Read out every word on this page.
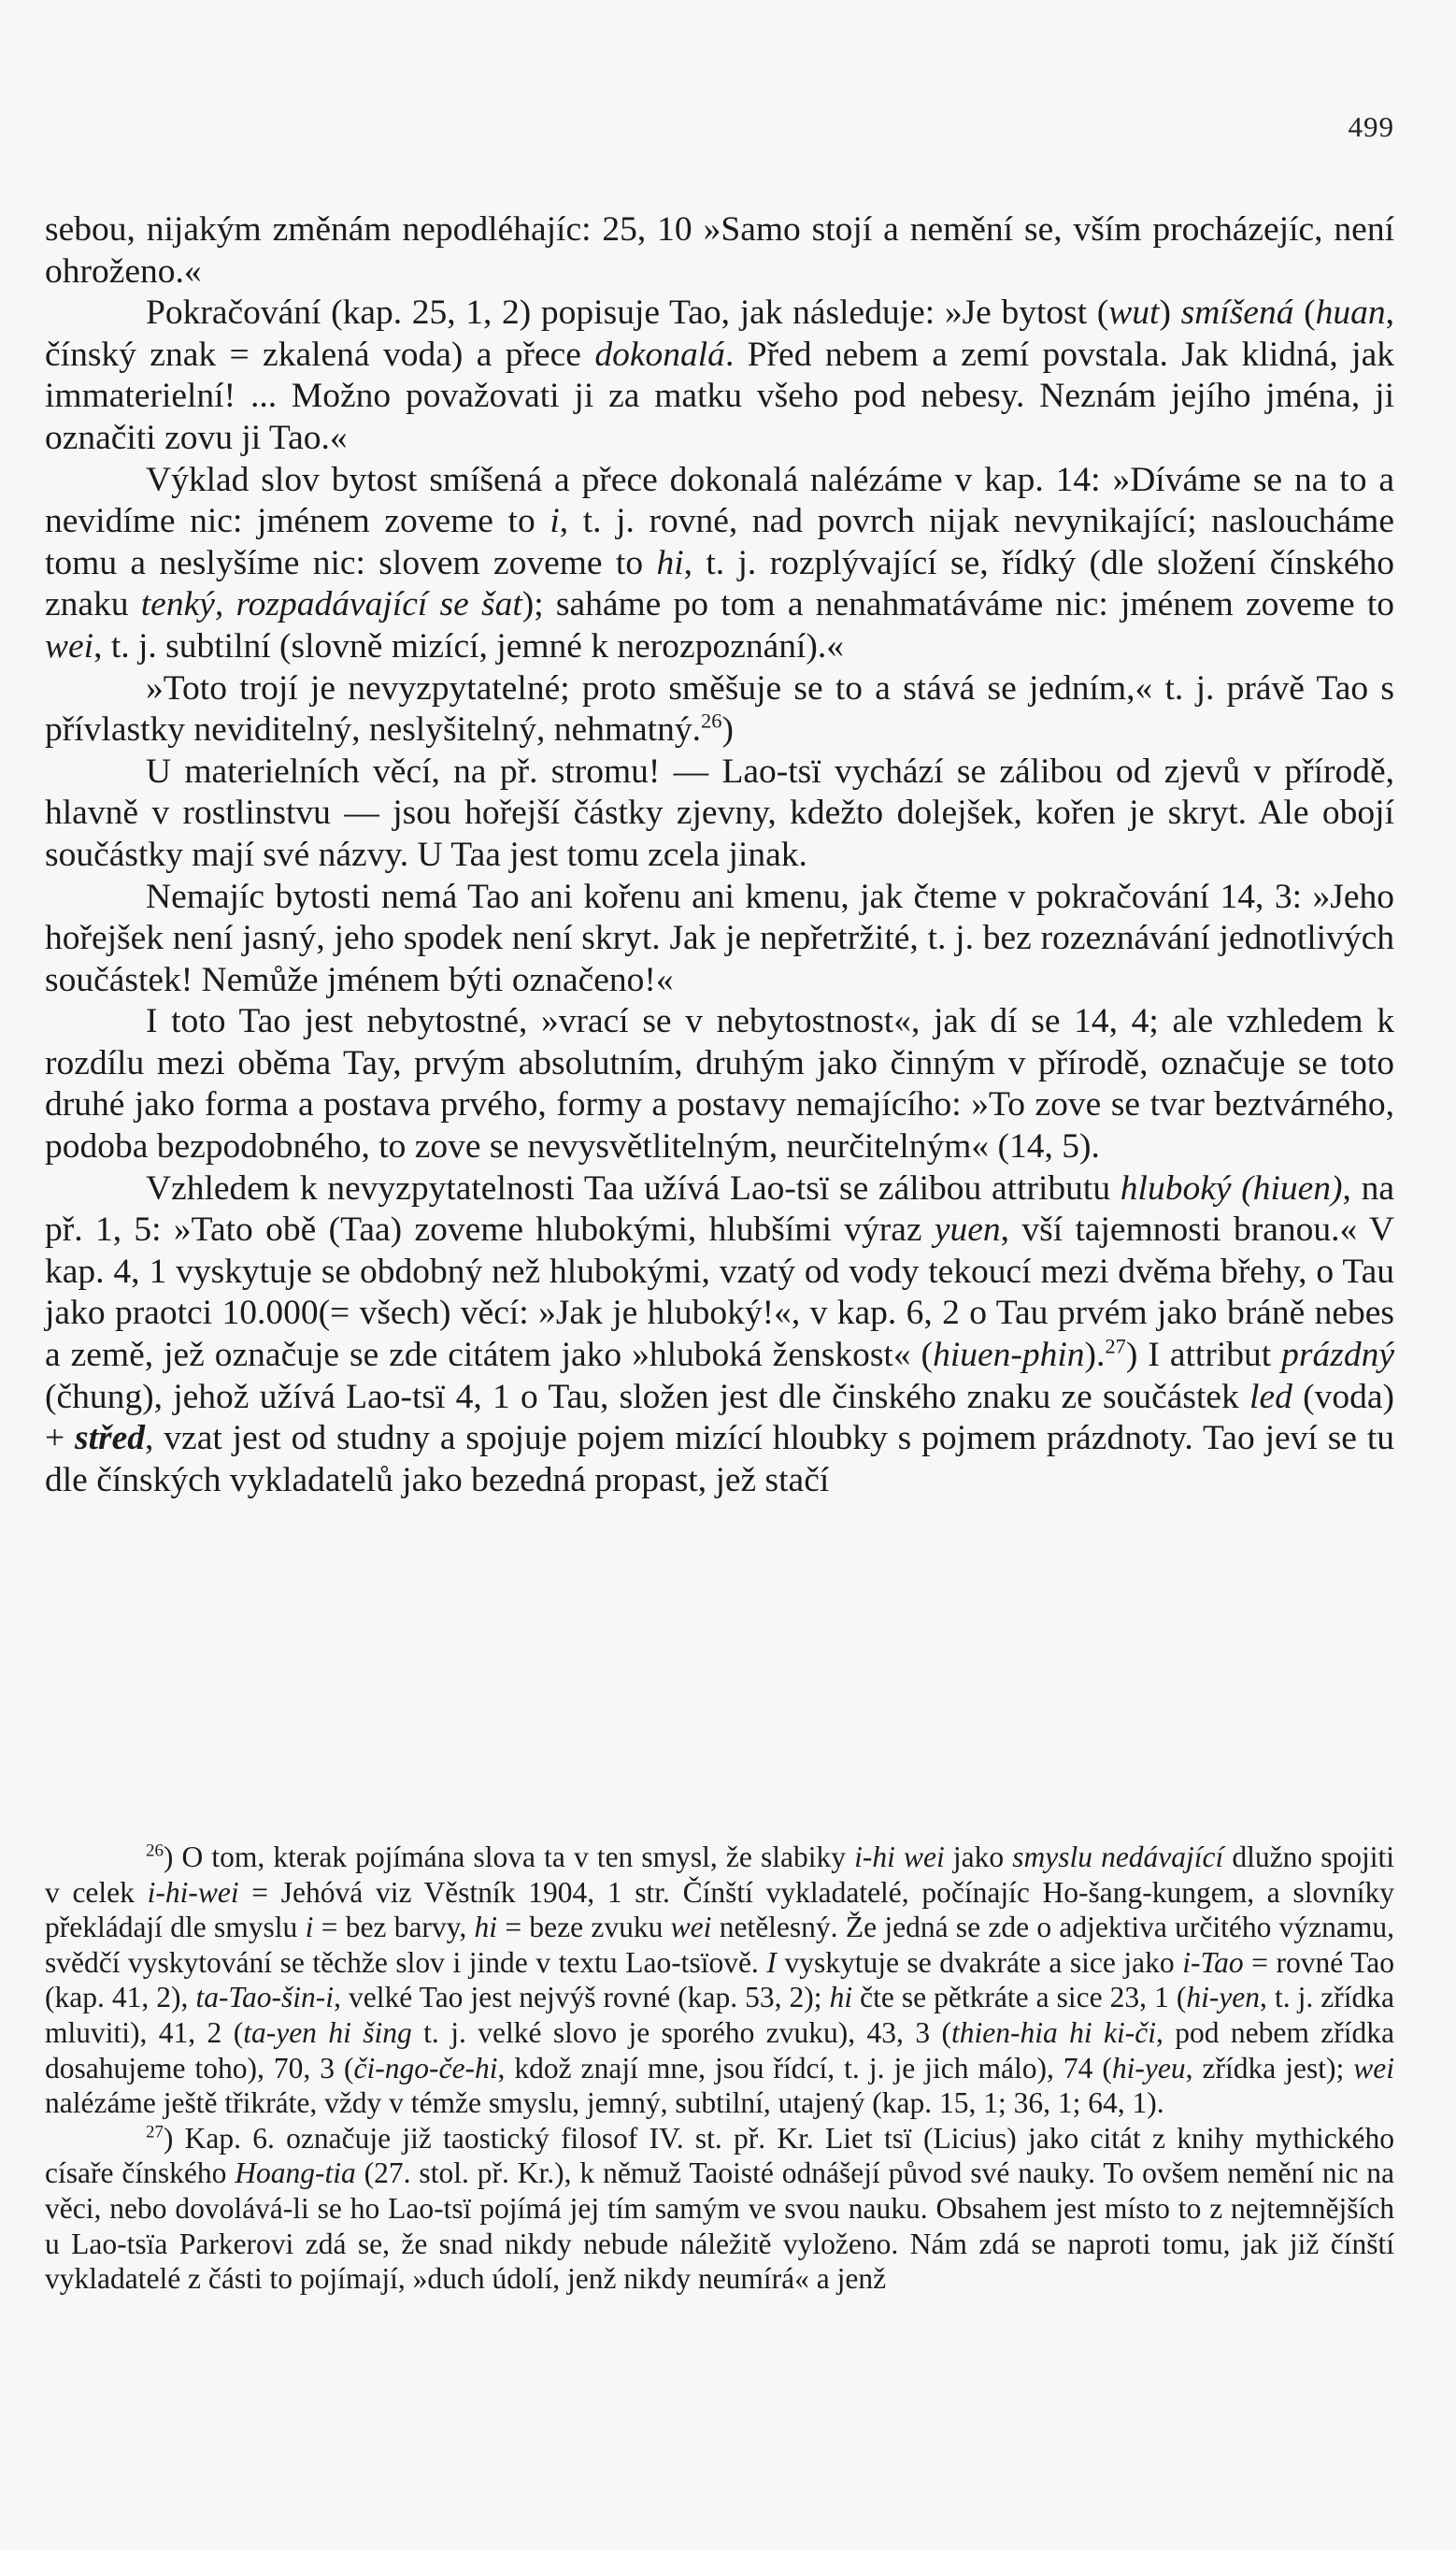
499

sebou, nijakým změnám nepodléhajíc: 25, 10 »Samo stojí a nemění se, vším procházejíc, není ohroženo.«

Pokračování (kap. 25, 1, 2) popisuje Tao, jak následuje: »Je bytost (wut) smíšená (huan, čínský znak = zkalená voda) a přece dokonalá. Před nebem a zemí povstala. Jak klidná, jak immaterielní! ... Možno považovati ji za matku všeho pod nebesy. Neznám jejího jména, ji označiti zovu ji Tao.«

Výklad slov bytost smíšená a přece dokonalá nalézáme v kap. 14: »Díváme se na to a nevidíme nic: jménem zoveme to i, t. j. rovné, nad povrch nijak nevynikající; nasloucháme tomu a neslyšíme nic: slovem zoveme to hi, t. j. rozplývající se, řídký (dle složení čínského znaku tenký, rozpadávající se šat); saháme po tom a nenahmatáváme nic: jménem zoveme to wei, t. j. subtilní (slovně mizící, jemné k nerozpoznání).«

»Toto trojí je nevyzpytatelné; proto směšuje se to a stává se jedním,« t. j. právě Tao s přívlastky neviditelný, neslyšitelný, nehmatný.$^{26}$)

U materielních věcí, na př. stromu! — Lao-tsï vychází se zálibou od zjevů v přírodě, hlavně v rostlinstvu — jsou hořejší částky zjevny, kdežto dolejšek, kořen je skryt. Ale obojí součástky mají své názvy. U Taa jest tomu zcela jinak.

Nemajíc bytosti nemá Tao ani kořenu ani kmenu, jak čteme v pokračování 14, 3: »Jeho hořejšek není jasný, jeho spodek není skryt. Jak je nepřetržité, t. j. bez rozeznávání jednotlivých součástek! Nemůže jménem býti označeno!«

I toto Tao jest nebytostné, »vrací se v nebytostnost«, jak dí se 14, 4; ale vzhledem k rozdílu mezi oběma Tay, prvým absolutním, druhým jako činným v přírodě, označuje se toto druhé jako forma a postava prvého, formy a postavy nemajícího: »To zove se tvar beztvárného, podoba bezpodobného, to zove se nevysvětlitelným, neurčitelným« (14, 5).

Vzhledem k nevyzpytatelnosti Taa užívá Lao-tsï se zálibou attributu hluboký (hiuen), na př. 1, 5: »Tato obě (Taa) zoveme hlubokými, hlubšími výraz yuen, vší tajemnosti branou.« V kap. 4, 1 vyskytuje se obdobný než hlubokými, vzatý od vody tekoucí mezi dvěma břehy, o Tau jako praotci 10.000(= všech) věcí: »Jak je hluboký!«, v kap. 6, 2 o Tau prvém jako bráně nebes a země, jež označuje se zde citátem jako »hluboká ženskost« (hiuen-phin).$^{27}$) I attribut prázdný (čhung), jehož užívá Lao-tsï 4, 1 o Tau, složen jest dle činského znaku ze součástek led (voda) + střed, vzat jest od studny a spojuje pojem mizící hloubky s pojmem prázdnoty. Tao jeví se tu dle čínských vykladatelů jako bezedná propast, jež stačí

$^{26}$) O tom, kterak pojímána slova ta v ten smysl, že slabiky i-hi wei jako smyslu nedávající dlužno spojiti v celek i-hi-wei = Jehóvá viz Věstník 1904, 1 str. Čínští vykladatelé, počínajíc Ho-šang-kungem, a slovníky překládají dle smyslu i = bez barvy, hi = beze zvuku wei netělesný. Že jedná se zde o adjektiva určitého významu, svědčí vyskytování se těchže slov i jinde v textu Lao-tsïově. I vyskytuje se dvakráte a sice jako i-Tao = rovné Tao (kap. 41, 2), ta-Tao-šin-i, velké Tao jest nejvýš rovné (kap. 53, 2); hi čte se pětkráte a sice 23, 1 (hi-yen, t. j. zřídka mluviti), 41, 2 (ta-yen hi šing t. j. velké slovo je sporého zvuku), 43, 3 (thien-hia hi ki-či, pod nebem zřídka dosahujeme toho), 70, 3 (či-ngo-če-hi, kdož znají mne, jsou řídcí, t. j. je jich málo), 74 (hi-yeu, zřídka jest); wei nalézáme ještě třikráte, vždy v témže smyslu, jemný, subtilní, utajený (kap. 15, 1; 36, 1; 64, 1).

$^{27}$) Kap. 6. označuje již taostický filosof IV. st. př. Kr. Liet tsï (Licius) jako citát z knihy mythického císaře čínského Hoang-tia (27. stol. př. Kr.), k němuž Taoisté odnášejí původ své nauky. To ovšem nemění nic na věci, nebo dovolává-li se ho Lao-tsï pojímá jej tím samým ve svou nauku. Obsahem jest místo to z nejtemnějších u Lao-tsïa Parkerovi zdá se, že snad nikdy nebude náležitě vyloženo. Nám zdá se naproti tomu, jak již čínští vykladatelé z části to pojímají, »duch údolí, jenž nikdy neumírá« a jenž
